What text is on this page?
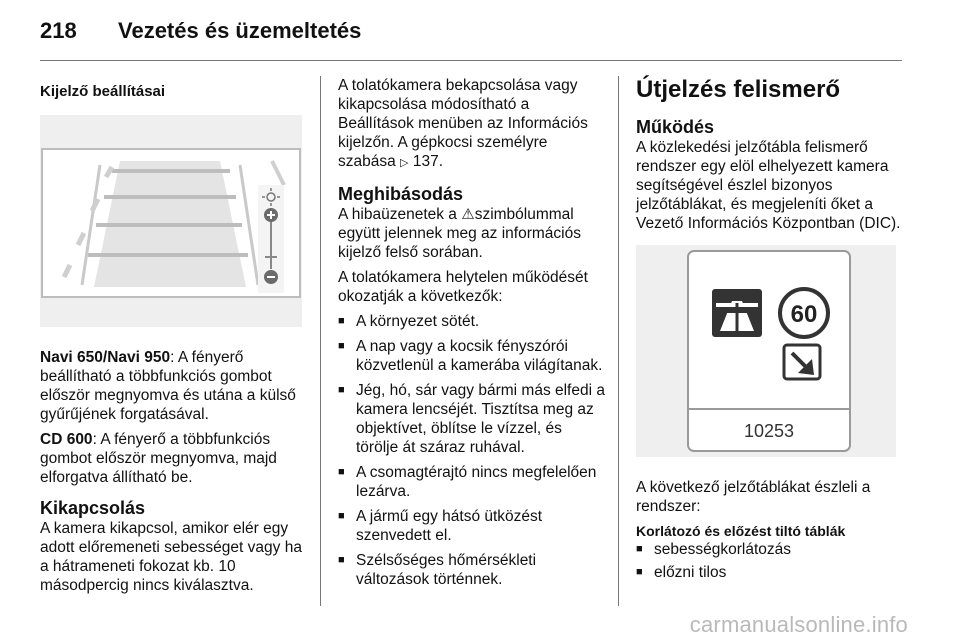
218 Vezetés és üzemeltetés

Kijelző beállításai

Navi 650/Navi 950: A fényerő beállítható a többfunkciós gombot először megnyomva és utána a külső gyűrűjének forgatásával.

CD 600: A fényerő a többfunkciós gombot először megnyomva, majd elforgatva állítható be.

Kikapcsolás

A kamera kikapcsol, amikor elér egy adott előremeneti sebességet vagy ha a hátrameneti fokozat kb. 10 másodpercig nincs kiválasztva.

A tolatókamera bekapcsolása vagy kikapcsolása módosítható a Beállítások menüben az Információs kijelzőn. A gépkocsi személyre szabása ▷ 137.

Meghibásodás

A hibaüzenetek a ⚠szimbólummal együtt jelennek meg az információs kijelző felső sorában.

A tolatókamera helytelen működését okozatják a következők:

■ A környezet sötét.
■ A nap vagy a kocsik fényszórói közvetlenül a kamerába világítanak.
■ Jég, hó, sár vagy bármi más elfedi a kamera lencséjét. Tisztítsa meg az objektívet, öblítse le vízzel, és törölje át száraz ruhával.
■ A csomagtérajtó nincs megfelelően lezárva.
■ A jármű egy hátsó ütközést szenvedett el.
■ Szélsőséges hőmérsékleti változások történnek.
Útjelzés felismerő
Működés

A közlekedési jelzőtábla felismerő rendszer egy elöl elhelyezett kamera segítségével észlel bizonyos jelzőtáblákat, és megjeleníti őket a Vezető Információs Központban (DIC).

60
10253

A következő jelzőtáblákat észleli a rendszer:

Korlátozó és előzést tiltó táblák

■ sebességkorlátozás
■ előzni tilos
carmanualsonline.info
